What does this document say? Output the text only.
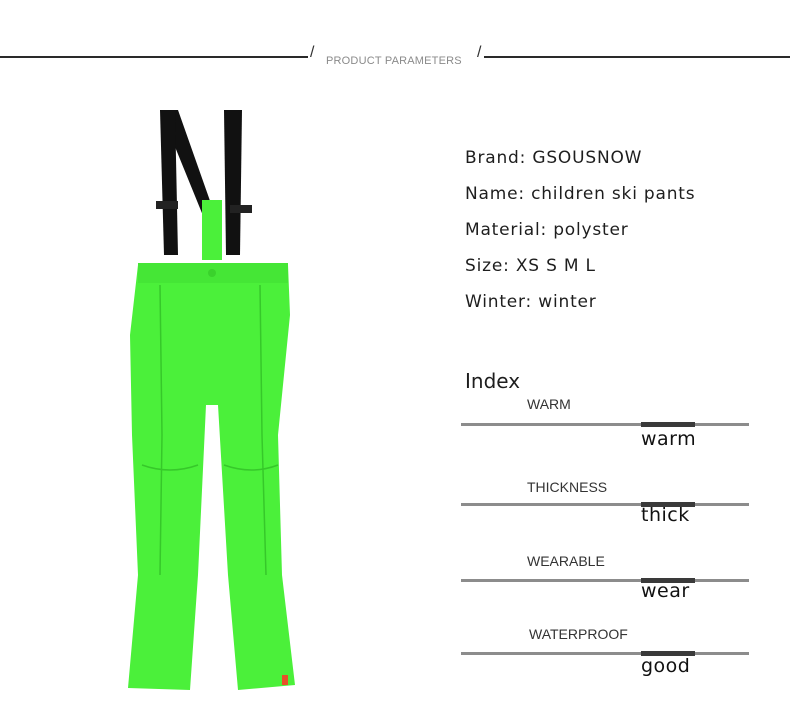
/ PRODUCT PARAMETERS /
Brand: GSOUSNOW
Name: children ski pants
Material: polyster
Size: XS S M L
Winter: winter
Index
WARM
warm
THICKNESS
thick
WEARABLE
wear
WATERPROOF
good
